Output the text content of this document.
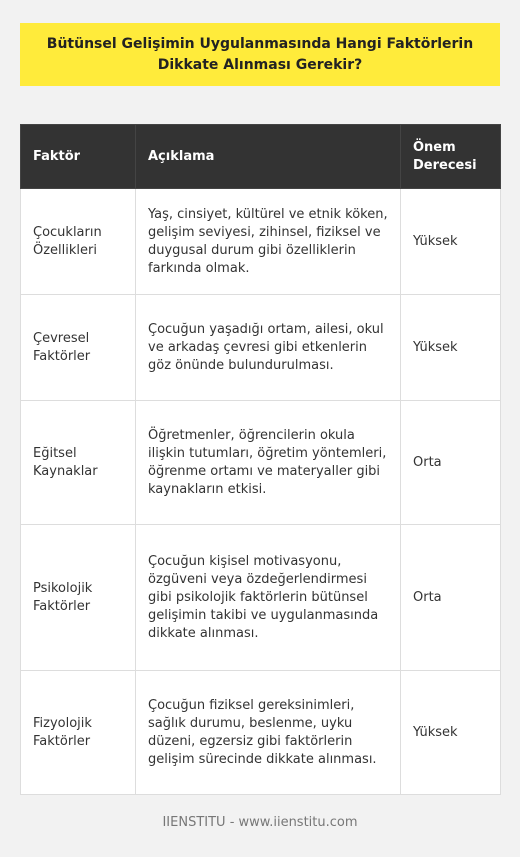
Bütünsel Gelişimin Uygulanmasında Hangi Faktörlerin Dikkate Alınması Gerekir?
Faktör	Açıklama	Önem Derecesi
Çocukların Özellikleri	Yaş, cinsiyet, kültürel ve etnik köken, gelişim seviyesi, zihinsel, fiziksel ve duygusal durum gibi özelliklerin farkında olmak.	Yüksek
Çevresel Faktörler	Çocuğun yaşadığı ortam, ailesi, okul ve arkadaş çevresi gibi etkenlerin göz önünde bulundurulması.	Yüksek
Eğitsel Kaynaklar	Öğretmenler, öğrencilerin okula ilişkin tutumları, öğretim yöntemleri, öğrenme ortamı ve materyaller gibi kaynakların etkisi.	Orta
Psikolojik Faktörler	Çocuğun kişisel motivasyonu, özgüveni veya özdeğerlendirmesi gibi psikolojik faktörlerin bütünsel gelişimin takibi ve uygulanmasında dikkate alınması.	Orta
Fizyolojik Faktörler	Çocuğun fiziksel gereksinimleri, sağlık durumu, beslenme, uyku düzeni, egzersiz gibi faktörlerin gelişim sürecinde dikkate alınması.	Yüksek
IIENSTITU - www.iienstitu.com
